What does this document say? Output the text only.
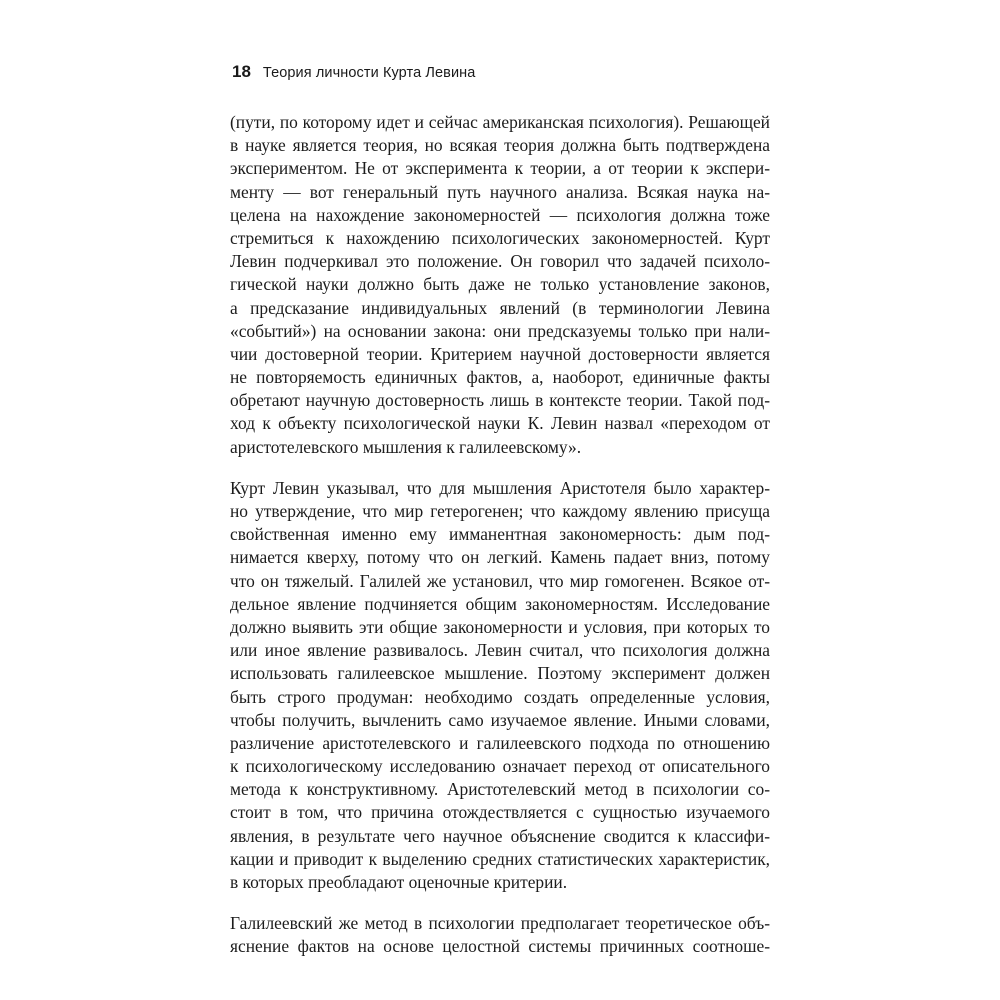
18 Теория личности Курта Левина
(пути, по которому идет и сейчас американская психология). Решающей
в науке является теория, но всякая теория должна быть подтверждена
экспериментом. Не от эксперимента к теории, а от теории к экспери-
менту — вот генеральный путь научного анализа. Всякая наука на-
целена на нахождение закономерностей — психология должна тоже
стремиться к нахождению психологических закономерностей. Курт
Левин подчеркивал это положение. Он говорил что задачей психоло-
гической науки должно быть даже не только установление законов,
а предсказание индивидуальных явлений (в терминологии Левина
«событий») на основании закона: они предсказуемы только при нали-
чии достоверной теории. Критерием научной достоверности является
не повторяемость единичных фактов, а, наоборот, единичные факты
обретают научную достоверность лишь в контексте теории. Такой под-
ход к объекту психологической науки К. Левин назвал «переходом от
аристотелевского мышления к галилеевскому».
Курт Левин указывал, что для мышления Аристотеля было характер-
но утверждение, что мир гетерогенен; что каждому явлению присуща
свойственная именно ему имманентная закономерность: дым под-
нимается кверху, потому что он легкий. Камень падает вниз, потому
что он тяжелый. Галилей же установил, что мир гомогенен. Всякое от-
дельное явление подчиняется общим закономерностям. Исследование
должно выявить эти общие закономерности и условия, при которых то
или иное явление развивалось. Левин считал, что психология должна
использовать галилеевское мышление. Поэтому эксперимент должен
быть строго продуман: необходимо создать определенные условия,
чтобы получить, вычленить само изучаемое явление. Иными словами,
различение аристотелевского и галилеевского подхода по отношению
к психологическому исследованию означает переход от описательного
метода к конструктивному. Аристотелевский метод в психологии со-
стоит в том, что причина отождествляется с сущностью изучаемого
явления, в результате чего научное объяснение сводится к классифи-
кации и приводит к выделению средних статистических характеристик,
в которых преобладают оценочные критерии.
Галилеевский же метод в психологии предполагает теоретическое объ-
яснение фактов на основе целостной системы причинных соотноше-
